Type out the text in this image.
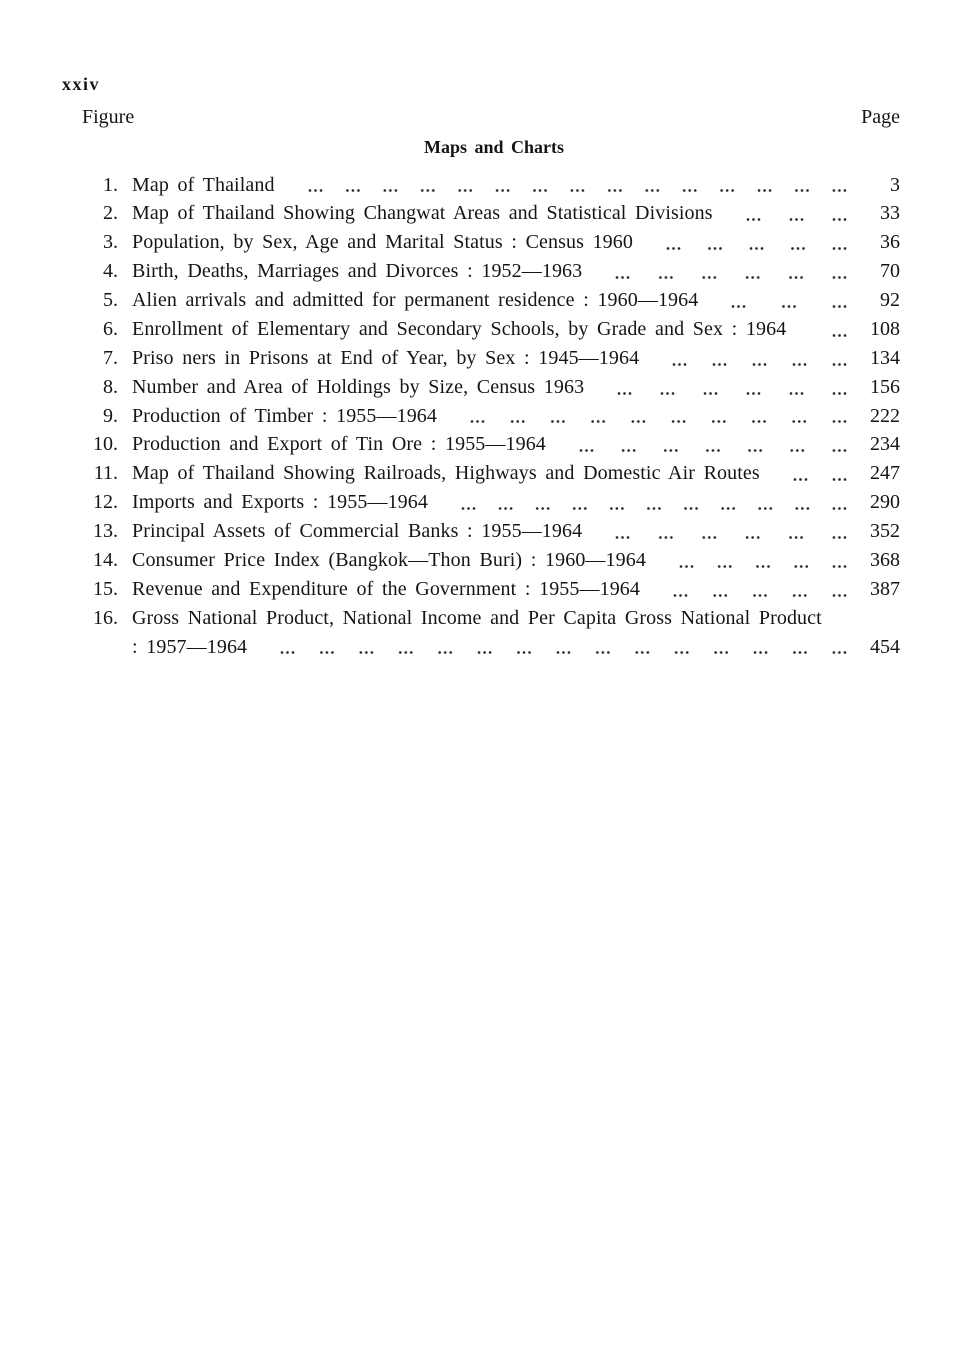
xxiv
Figure	Page
Maps and Charts
1. Map of Thailand	3
2. Map of Thailand Showing Changwat Areas and Statistical Divisions	33
3. Population, by Sex, Age and Marital Status : Census 1960	36
4. Birth, Deaths, Marriages and Divorces : 1952—1963	70
5. Alien arrivals and admitted for permanent residence : 1960—1964	92
6. Enrollment of Elementary and Secondary Schools, by Grade and Sex : 1964	108
7. Priso ners in Prisons at End of Year, by Sex : 1945—1964	134
8. Number and Area of Holdings by Size, Census 1963	156
9. Production of Timber : 1955—1964	222
10. Production and Export of Tin Ore : 1955—1964	234
11. Map of Thailand Showing Railroads, Highways and Domestic Air Routes	247
12. Imports and Exports : 1955—1964	290
13. Principal Assets of Commercial Banks : 1955—1964	352
14. Consumer Price Index (Bangkok—Thon Buri) : 1960—1964	368
15. Revenue and Expenditure of the Government : 1955—1964	387
16. Gross National Product, National Income and Per Capita Gross National Product
: 1957—1964	454
